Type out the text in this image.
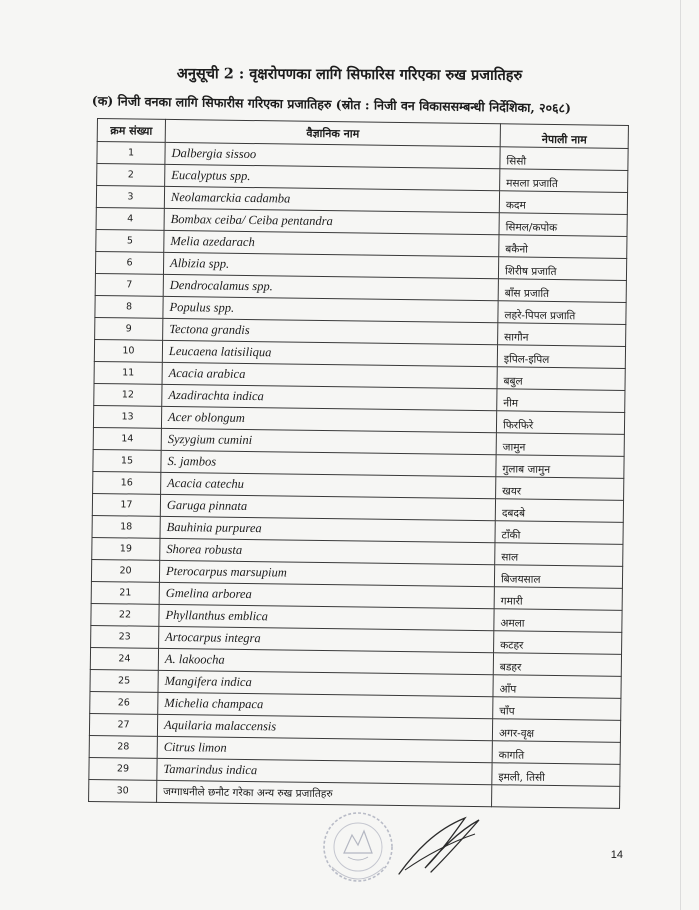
अनुसूची 2 : वृक्षरोपणका लागि सिफारिस गरिएका रुख प्रजातिहरु
(क) निजी वनका लागि सिफारीस गरिएका प्रजातिहरु (स्रोत : निजी वन विकाससम्बन्धी निर्देशिका, २०६८)
क्रम संख्या	वैज्ञानिक नाम	नेपाली नाम
1	Dalbergia sissoo	सिसौ
2	Eucalyptus spp.	मसला प्रजाति
3	Neolamarckia cadamba	कदम
4	Bombax ceiba/ Ceiba pentandra	सिमल/कपोक
5	Melia azedarach	बकैनो
6	Albizia spp.	शिरीष प्रजाति
7	Dendrocalamus spp.	बाँस प्रजाति
8	Populus spp.	लहरे-पिपल प्रजाति
9	Tectona grandis	सागौन
10	Leucaena latisiliqua	इपिल-इपिल
11	Acacia arabica	बबुल
12	Azadirachta indica	नीम
13	Acer oblongum	फिरफिरे
14	Syzygium cumini	जामुन
15	S. jambos	गुलाब जामुन
16	Acacia catechu	खयर
17	Garuga pinnata	दबदबे
18	Bauhinia purpurea	टाँकी
19	Shorea robusta	साल
20	Pterocarpus marsupium	बिजयसाल
21	Gmelina arborea	गमारी
22	Phyllanthus emblica	अमला
23	Artocarpus integra	कटहर
24	A. lakoocha	बडहर
25	Mangifera indica	आँप
26	Michelia champaca	चाँप
27	Aquilaria malaccensis	अगर-वृक्ष
28	Citrus limon	कागति
29	Tamarindus indica	इमली, तिसी
30	जग्गाधनीले छनौट गरेका अन्य रुख प्रजातिहरु	
14
